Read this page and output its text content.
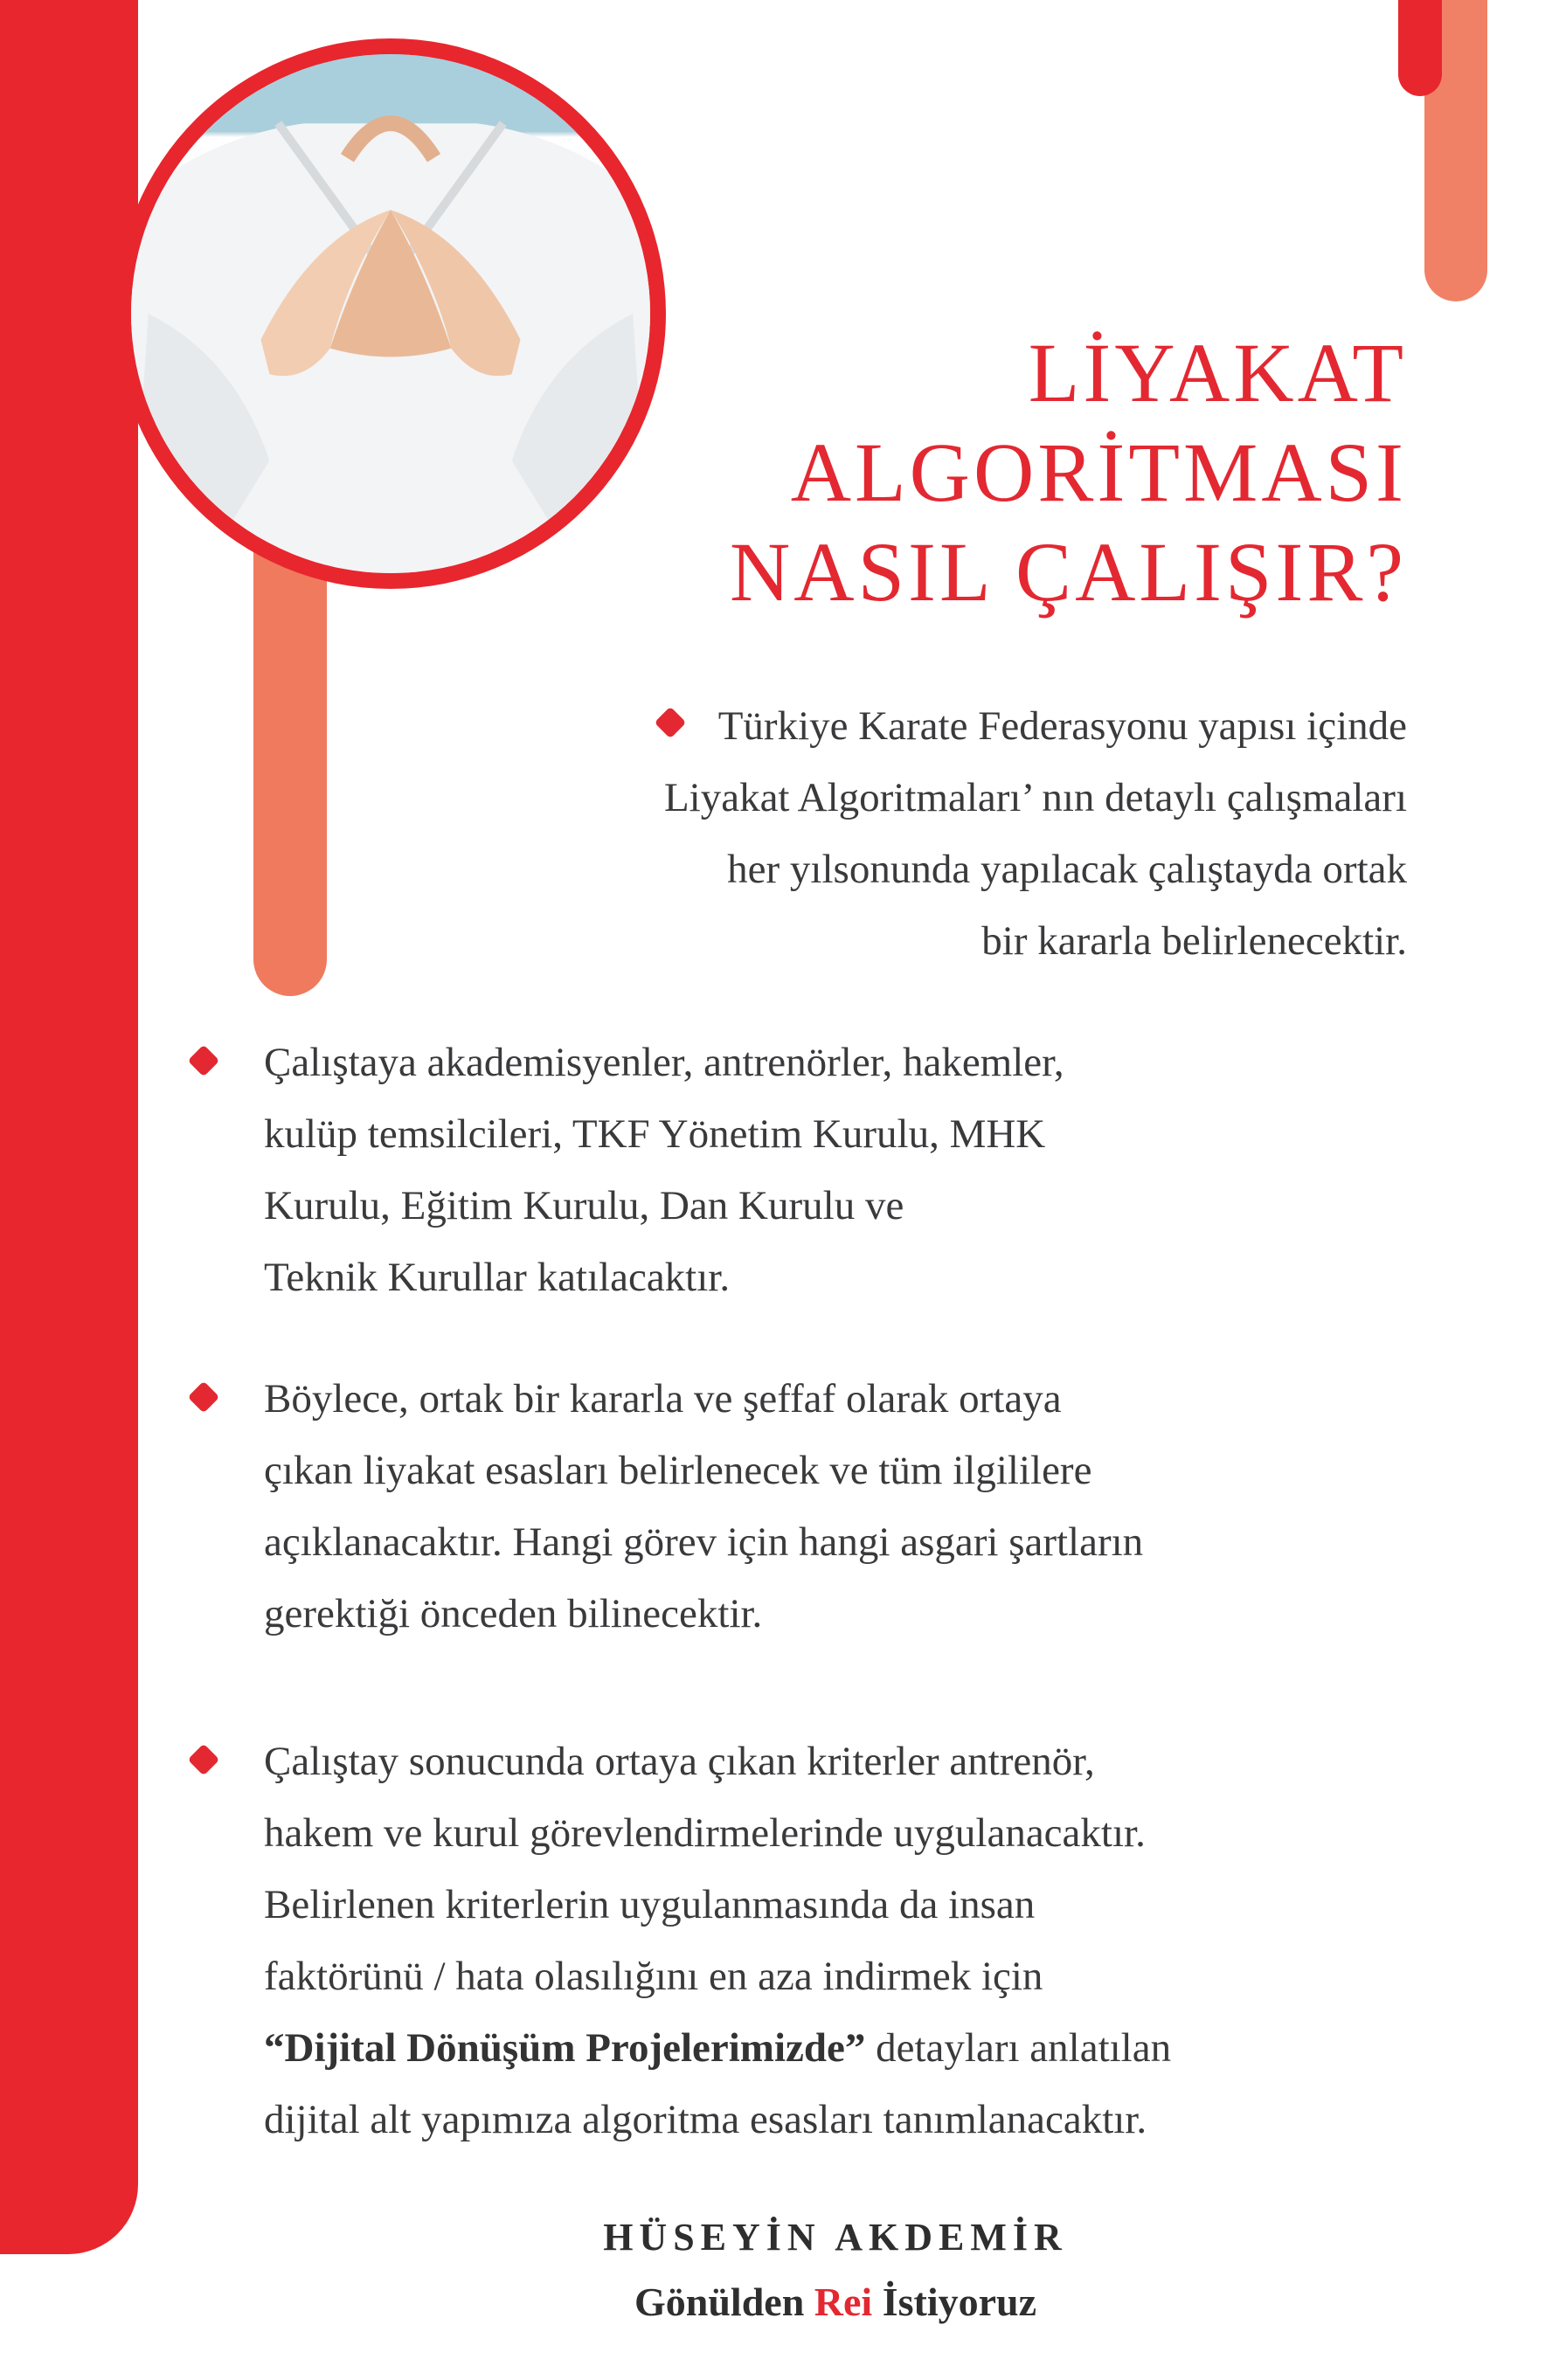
LİYAKAT
ALGORİTMASI
NASIL ÇALIŞIR?
Türkiye Karate Federasyonu yapısı içinde
Liyakat Algoritmaları’ nın detaylı çalışmaları
her yılsonunda yapılacak çalıştayda ortak
bir kararla belirlenecektir.
Çalıştaya akademisyenler, antrenörler, hakemler,
kulüp temsilcileri, TKF Yönetim Kurulu, MHK
Kurulu, Eğitim Kurulu, Dan Kurulu ve
Teknik Kurullar katılacaktır.
Böylece, ortak bir kararla ve şeffaf olarak ortaya
çıkan liyakat esasları belirlenecek ve tüm ilgililere
açıklanacaktır. Hangi görev için hangi asgari şartların
gerektiği önceden bilinecektir.
Çalıştay sonucunda ortaya çıkan kriterler antrenör,
hakem ve kurul görevlendirmelerinde uygulanacaktır.
Belirlenen kriterlerin uygulanmasında da insan
faktörünü / hata olasılığını en aza indirmek için
“Dijital Dönüşüm Projelerimizde” detayları anlatılan
dijital alt yapımıza algoritma esasları tanımlanacaktır.
HÜSEYİN AKDEMİR
Gönülden Rei İstiyoruz
